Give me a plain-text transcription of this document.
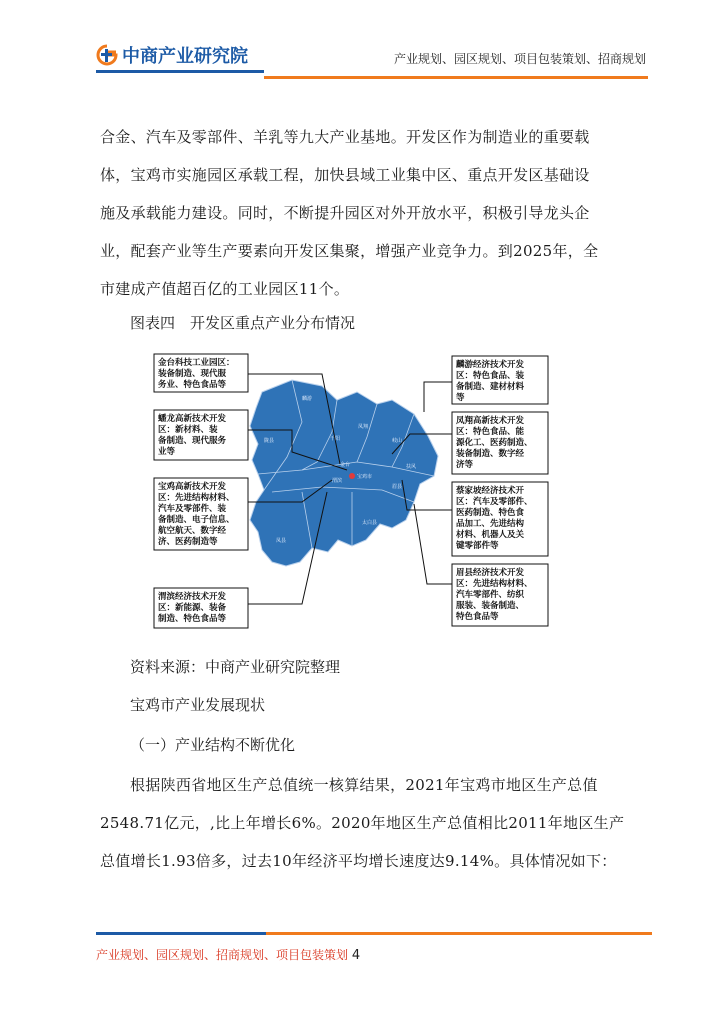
中商产业研究院	产业规划、园区规划、项目包装策划、招商规划

合金、汽车及零部件、羊乳等九大产业基地。开发区作为制造业的重要载
体，宝鸡市实施园区承载工程，加快县域工业集中区、重点开发区基础设
施及承载能力建设。同时，不断提升园区对外开放水平，积极引导龙头企
业，配套产业等生产要素向开发区集聚，增强产业竞争力。到2025年，全
市建成产值超百亿的工业园区11个。

图表四　开发区重点产业分布情况
麟游
陇县	千阳
凤翔
岐山
扶风
宝鸡市
眉县
太白县
凤县
渭滨
金台
金台科技工业园区：
装备制造、现代服
务业、特色食品等
蟠龙高新技术开发
区：新材料、装
备制造、现代服务
业等
宝鸡高新技术开发
区：先进结构材料、
汽车及零部件、装
备制造、电子信息、
航空航天、数字经
济、医药制造等
渭滨经济技术开发
区：新能源、装备
制造、特色食品等
麟游经济技术开发
区：特色食品、装
备制造、建材材料
等
凤翔高新技术开发
区：特色食品、能
源化工、医药制造、
装备制造、数字经
济等
蔡家坡经济技术开
区：汽车及零部件、
医药制造、特色食
品加工、先进结构
材料、机器人及关
键零部件等
眉县经济技术开发
区：先进结构材料、
汽车零部件、纺织
服装、装备制造、
特色食品等
资料来源：中商产业研究院整理
宝鸡市产业发展现状
（一）产业结构不断优化

根据陕西省地区生产总值统一核算结果，2021年宝鸡市地区生产总值
2548.71亿元，,比上年增长6%。2020年地区生产总值相比2011年地区生产
总值增长1.93倍多，过去10年经济平均增长速度达9.14%。具体情况如下：

产业规划、园区规划、招商规划、项目包装策划 4
